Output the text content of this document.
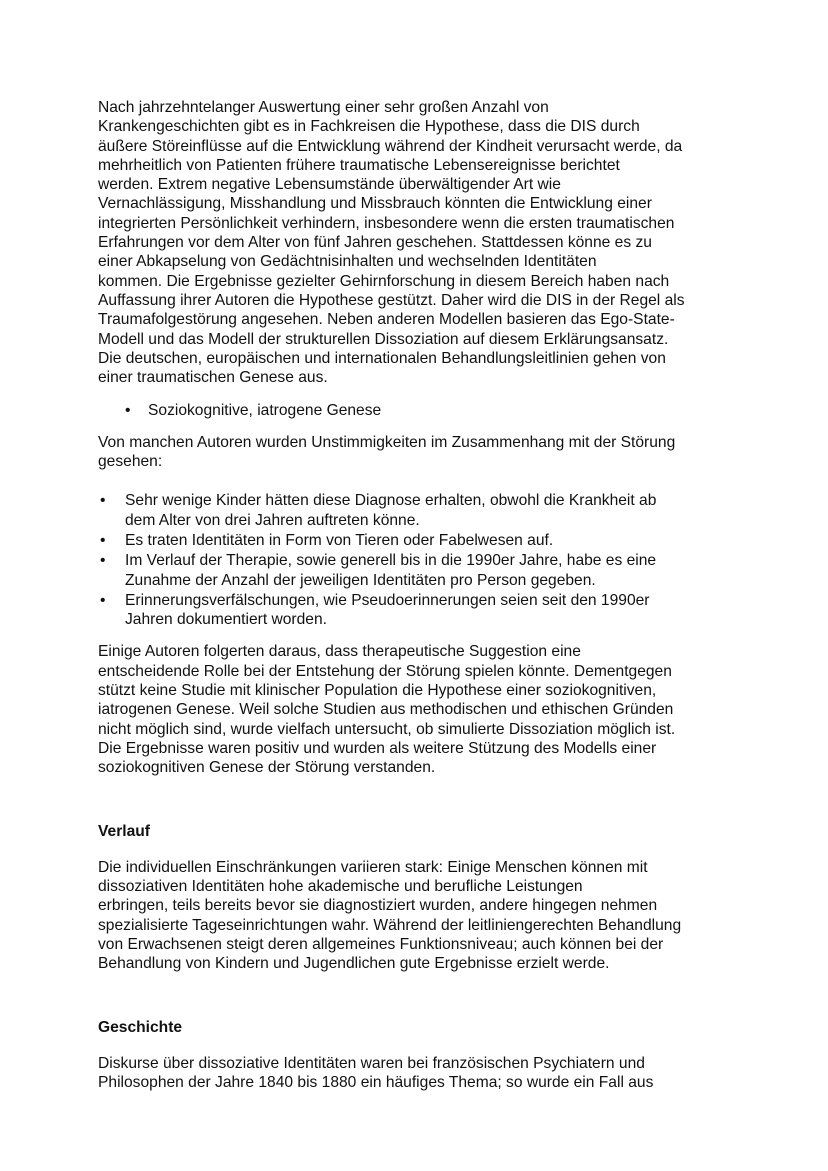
Nach jahrzehntelanger Auswertung einer sehr großen Anzahl von
Krankengeschichten gibt es in Fachkreisen die Hypothese, dass die DIS durch
äußere Störeinflüsse auf die Entwicklung während der Kindheit verursacht werde, da
mehrheitlich von Patienten frühere traumatische Lebensereignisse berichtet
werden. Extrem negative Lebensumstände überwältigender Art wie
Vernachlässigung, Misshandlung und Missbrauch könnten die Entwicklung einer
integrierten Persönlichkeit verhindern, insbesondere wenn die ersten traumatischen
Erfahrungen vor dem Alter von fünf Jahren geschehen. Stattdessen könne es zu
einer Abkapselung von Gedächtnisinhalten und wechselnden Identitäten
kommen. Die Ergebnisse gezielter Gehirnforschung in diesem Bereich haben nach
Auffassung ihrer Autoren die Hypothese gestützt. Daher wird die DIS in der Regel als
Traumafolgestörung angesehen. Neben anderen Modellen basieren das Ego-State-
Modell und das Modell der strukturellen Dissoziation auf diesem Erklärungsansatz.
Die deutschen, europäischen und internationalen Behandlungsleitlinien gehen von
einer traumatischen Genese aus.
• Soziokognitive, iatrogene Genese
Von manchen Autoren wurden Unstimmigkeiten im Zusammenhang mit der Störung
gesehen:
• Sehr wenige Kinder hätten diese Diagnose erhalten, obwohl die Krankheit ab
dem Alter von drei Jahren auftreten könne.
• Es traten Identitäten in Form von Tieren oder Fabelwesen auf.
• Im Verlauf der Therapie, sowie generell bis in die 1990er Jahre, habe es eine
Zunahme der Anzahl der jeweiligen Identitäten pro Person gegeben.
• Erinnerungsverfälschungen, wie Pseudoerinnerungen seien seit den 1990er
Jahren dokumentiert worden.
Einige Autoren folgerten daraus, dass therapeutische Suggestion eine
entscheidende Rolle bei der Entstehung der Störung spielen könnte. Dementgegen
stützt keine Studie mit klinischer Population die Hypothese einer soziokognitiven,
iatrogenen Genese. Weil solche Studien aus methodischen und ethischen Gründen
nicht möglich sind, wurde vielfach untersucht, ob simulierte Dissoziation möglich ist.
Die Ergebnisse waren positiv und wurden als weitere Stützung des Modells einer
soziokognitiven Genese der Störung verstanden.
Verlauf
Die individuellen Einschränkungen variieren stark: Einige Menschen können mit
dissoziativen Identitäten hohe akademische und berufliche Leistungen
erbringen, teils bereits bevor sie diagnostiziert wurden, andere hingegen nehmen
spezialisierte Tageseinrichtungen wahr. Während der leitliniengerechten Behandlung
von Erwachsenen steigt deren allgemeines Funktionsniveau; auch können bei der
Behandlung von Kindern und Jugendlichen gute Ergebnisse erzielt werde.
Geschichte
Diskurse über dissoziative Identitäten waren bei französischen Psychiatern und
Philosophen der Jahre 1840 bis 1880 ein häufiges Thema; so wurde ein Fall aus
